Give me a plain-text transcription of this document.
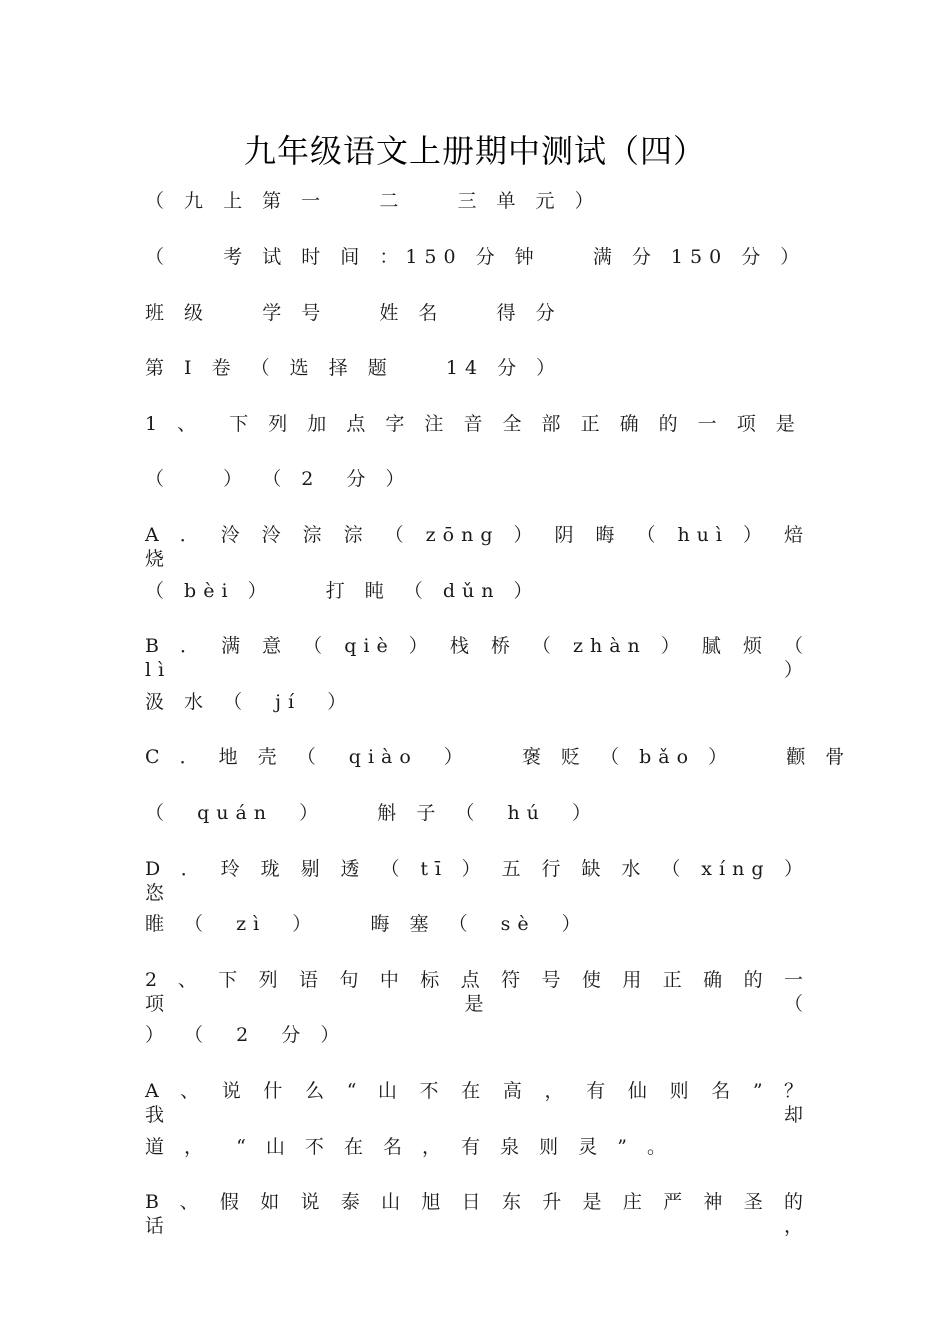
九年级语文上册期中测试（四）
（ 九 上 第 一    二    三 单 元 ）
（    考 试 时 间 ：150 分 钟    满 分 150 分 ）
班 级    学 号    姓 名    得 分
第 Ⅰ 卷 （ 选 择 题    14 分 ）
1 、  下 列 加 点 字 注 音 全 部 正 确 的 一 项 是
（    ） （ 2  分 ）
A ． 泠 泠 淙 淙 （ zōng ） 阴 晦 （ huì ） 焙 烧
（ bèi ）    打 盹 （ dǔn ）
B ． 满 意 （ qiè ） 栈 桥 （ zhàn ） 腻 烦 （ lì ）
汲 水 （  jí  ）
C ． 地 壳 （  qiào  ）    褒 贬 （ bǎo ）    颧 骨
（  quán  ）    斛 子 （  hú  ）
D ． 玲 珑 剔 透 （ tī ） 五 行 缺 水 （ xíng ） 恣
睢 （  zì  ）    晦 塞 （  sè  ）
2 、 下 列 语 句 中 标 点 符 号 使 用 正 确 的 一 项 是 （
） （  2  分 ）
A 、 说 什 么 “ 山 不 在 高 ， 有 仙 则 名 ” ？ 我 却
道 ，  “ 山 不 在 名 ， 有 泉 则 灵 ” 。
B 、 假 如 说 泰 山 旭 日 东 升 是 庄 严 神 圣 的 话 ，
